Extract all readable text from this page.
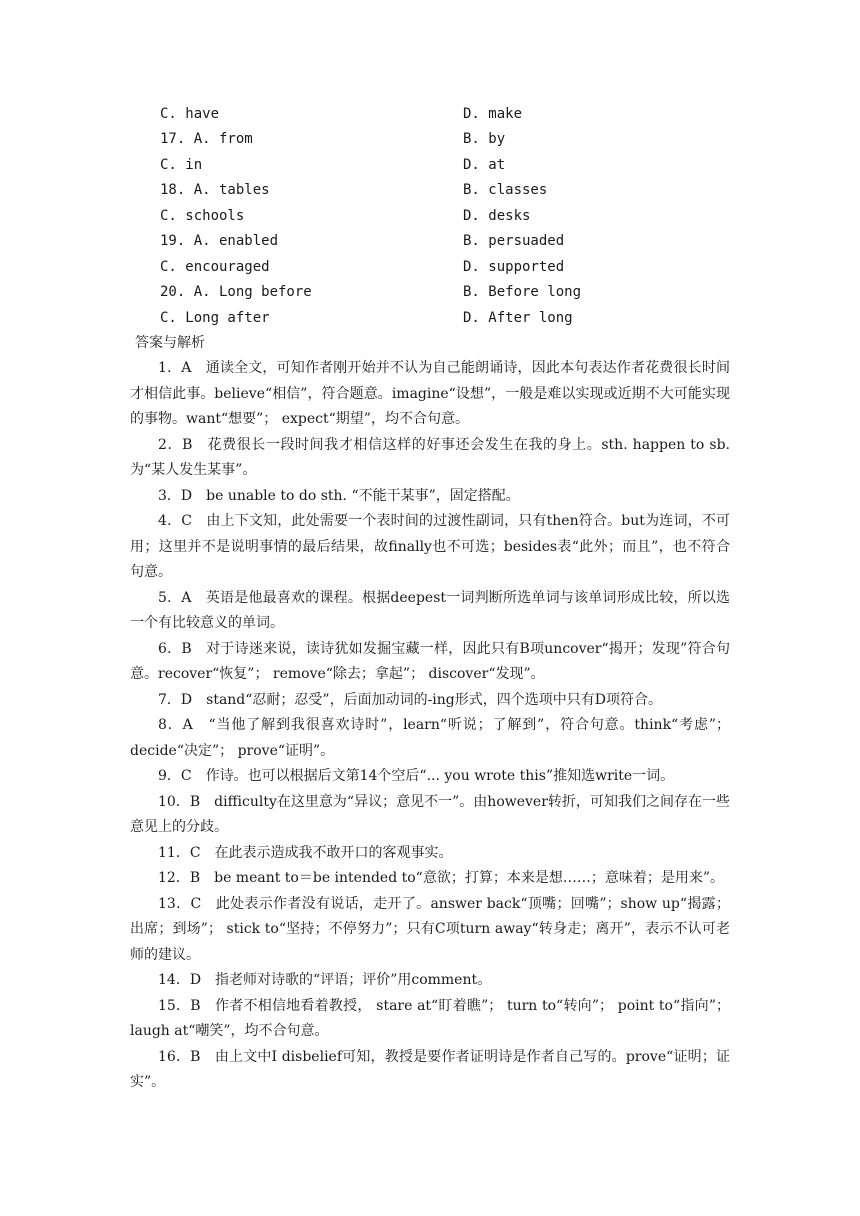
C. have	D. make
17. A. from	B. by
C. in	D. at
18. A. tables	B. classes
C. schools	D. desks
19. A. enabled	B. persuaded
C. encouraged	D. supported
20. A. Long before	B. Before long
C. Long after	D. After long
答案与解析

1．A　通读全文，可知作者刚开始并不认为自己能朗诵诗，因此本句表达作者花费很长时间才相信此事。believe“相信”，符合题意。imagine“设想”，一般是难以实现或近期不大可能实现的事物。want“想要”； expect“期望”，均不合句意。

2．B　花费很长一段时间我才相信这样的好事还会发生在我的身上。sth. happen to sb.为“某人发生某事”。

3．D　be unable to do sth. “不能干某事”，固定搭配。

4．C　由上下文知，此处需要一个表时间的过渡性副词，只有then符合。but为连词，不可用；这里并不是说明事情的最后结果，故finally也不可选；besides表“此外；而且”，也不符合句意。

5．A　英语是他最喜欢的课程。根据deepest一词判断所选单词与该单词形成比较，所以选一个有比较意义的单词。

6．B　对于诗迷来说，读诗犹如发掘宝藏一样，因此只有B项uncover“揭开；发现”符合句意。recover“恢复”； remove“除去；拿起”； discover“发现”。

7．D　stand“忍耐；忍受”，后面加动词的-ing形式，四个选项中只有D项符合。

8．A　“当他了解到我很喜欢诗时”，learn“听说；了解到”，符合句意。think“考虑”； decide“决定”； prove“证明”。

9．C　作诗。也可以根据后文第14个空后“... you wrote this”推知选write一词。

10．B　difficulty在这里意为“异议；意见不一”。由however转折，可知我们之间存在一些意见上的分歧。

11．C　在此表示造成我不敢开口的客观事实。

12．B　be meant to＝be intended to“意欲；打算；本来是想……；意味着；是用来”。

13．C　此处表示作者没有说话，走开了。answer back“顶嘴；回嘴”；show up“揭露；出席；到场”； stick to“坚持；不停努力”；只有C项turn away“转身走；离开”，表示不认可老师的建议。

14．D　指老师对诗歌的“评语；评价”用comment。

15．B　作者不相信地看着教授， stare at“盯着瞧”； turn to“转向”； point to“指向”； laugh at“嘲笑”，均不合句意。

16．B　由上文中I disbelief可知，教授是要作者证明诗是作者自己写的。prove“证明；证实”。
